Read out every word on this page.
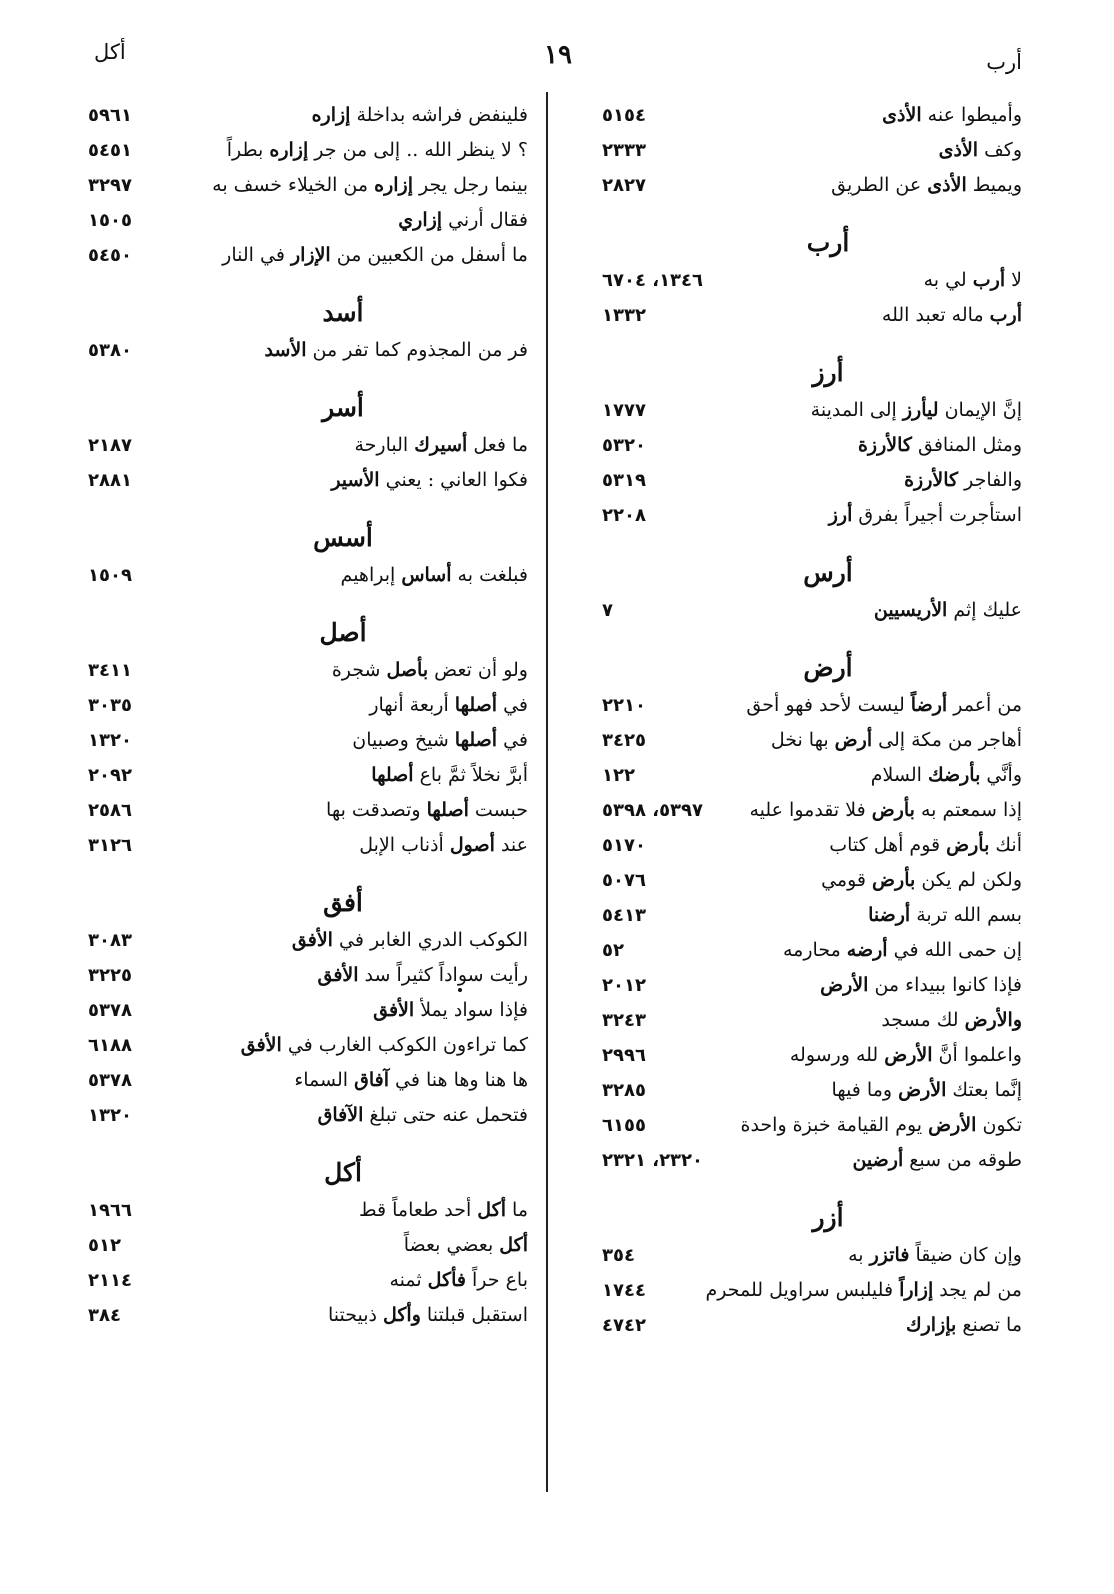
أرب
١٩
أكل
وأميطوا عنه الأذى
٥١٥٤
وكف الأذى
٢٣٣٣
ويميط الأذى عن الطريق
٢٨٢٧
أرب
لا أرب لي به
١٣٤٦، ٦٧٠٤
أرب ماله تعبد الله
١٣٣٢
أرز
إنَّ الإيمان ليأرز إلى المدينة
١٧٧٧
ومثل المنافق كالأرزة
٥٣٢٠
والفاجر كالأرزة
٥٣١٩
استأجرت أجيراً بفرق أرز
٢٢٠٨
أرس
عليك إثم الأريسيين
٧
أرض
من أعمر أرضاً ليست لأحد فهو أحق
٢٢١٠
أهاجر من مكة إلى أرض بها نخل
٣٤٢٥
وأنَّي بأرضك السلام
١٢٢
إذا سمعتم به بأرض فلا تقدموا عليه
٥٣٩٧، ٥٣٩٨
أنك بأرض قوم أهل كتاب
٥١٧٠
ولكن لم يكن بأرض قومي
٥٠٧٦
بسم الله تربة أرضنا
٥٤١٣
إن حمى الله في أرضه محارمه
٥٢
فإذا كانوا ببيداء من الأرض
٢٠١٢
والأرض لك مسجد
٣٢٤٣
واعلموا أنَّ الأرض لله ورسوله
٢٩٩٦
إنَّما بعتك الأرض وما فيها
٣٢٨٥
تكون الأرض يوم القيامة خبزة واحدة
٦١٥٥
طوقه من سبع أرضين
٢٣٢٠، ٢٣٢١
أزر
وإن كان ضيقاً فاتزر به
٣٥٤
من لم يجد إزاراً فليلبس سراويل للمحرم
١٧٤٤
ما تصنع بإزارك
٤٧٤٢
فلينفض فراشه بداخلة إزاره
٥٩٦١
؟ لا ينظر الله .. إلى من جر إزاره بطراً
٥٤٥١
بينما رجل يجر إزاره من الخيلاء خسف به
٣٢٩٧
فقال أرني إزاري
١٥٠٥
ما أسفل من الكعبين من الإزار في النار
٥٤٥٠
أسد
فر من المجذوم كما تفر من الأسد
٥٣٨٠
أسر
ما فعل أسيرك البارحة
٢١٨٧
فكوا العاني : يعني الأسير
٢٨٨١
أسس
فبلغت به أساس إبراهيم
١٥٠٩
أصل
ولو أن تعض بأصل شجرة
٣٤١١
في أصلها أربعة أنهار
٣٠٣٥
في أصلها شيخ وصبيان
١٣٢٠
أبرَّ نخلاً ثمَّ باع أصلها
٢٠٩٢
حبست أصلها وتصدقت بها
٢٥٨٦
عند أصول أذناب الإبل
٣١٢٦
أفق
الكوكب الدري الغابر في الأفق
٣٠٨٣
رأيت سواداً كثيراً سد الأفق
٣٢٢٥
فإذا سواد يملأ الأفق
٥٣٧٨
كما تراءون الكوكب الغارب في الأفق
٦١٨٨
ها هنا وها هنا في آفاق السماء
٥٣٧٨
فتحمل عنه حتى تبلغ الآفاق
١٣٢٠
أكل
ما أكل أحد طعاماً قط
١٩٦٦
أكل بعضي بعضاً
٥١٢
باع حراً فأكل ثمنه
٢١١٤
استقبل قبلتنا وأكل ذبيحتنا
٣٨٤
